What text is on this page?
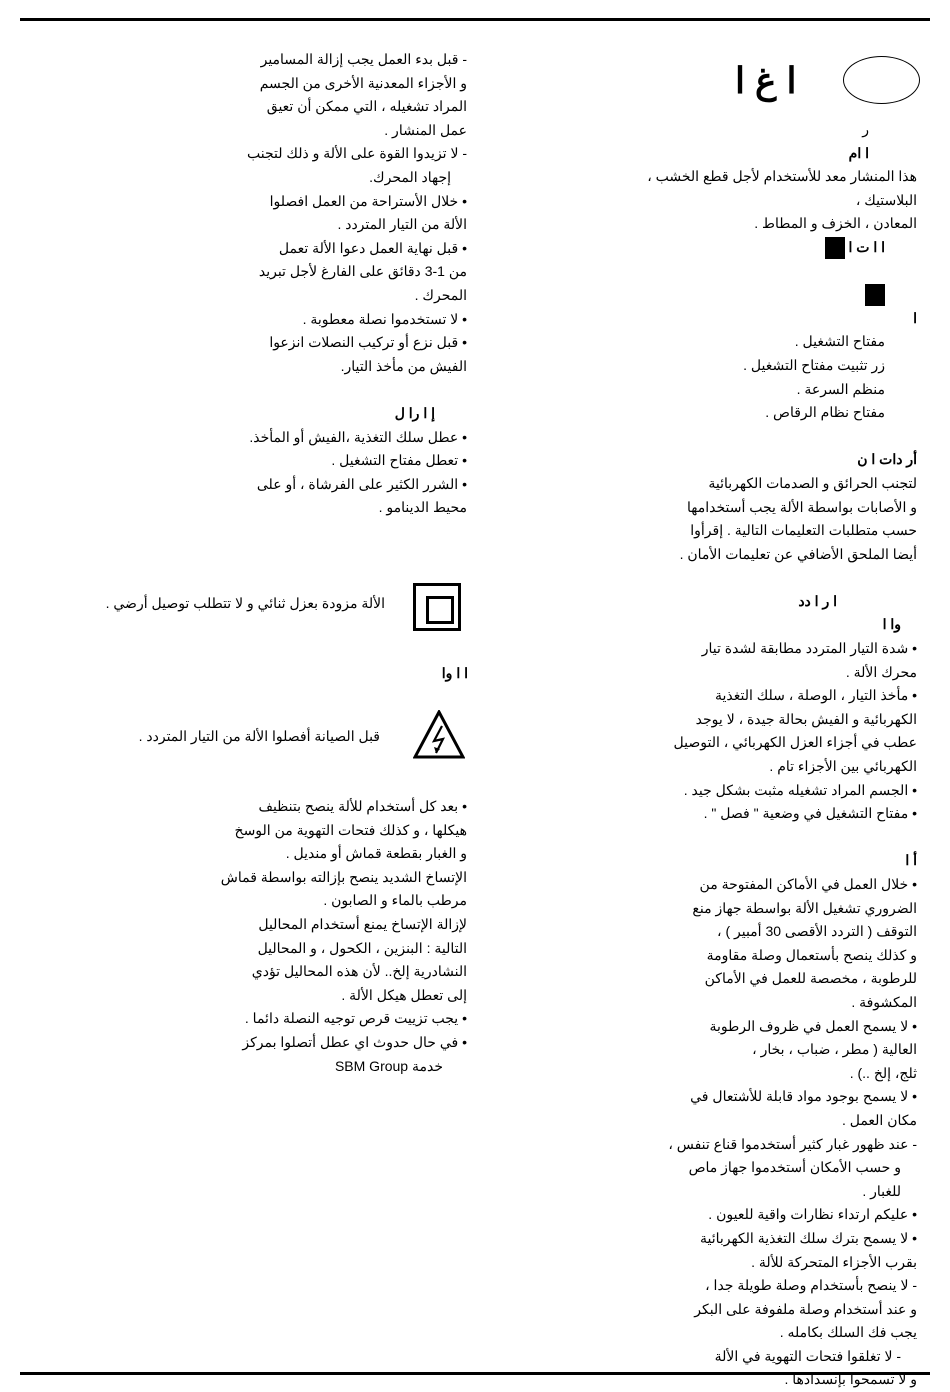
ا غ ا

ر

ا ام

هذا المنشار معد للأستخدام لأجل قطع الخشب ، البلاستيك ،

المعادن ، الخزف و المطاط .

ا ا ت ا

ا

مفتاح التشغيل .

زر تثبيت مفتاح التشغيل .

منظم السرعة .

مفتاح نظام الرقاص .

أر دات ا ن

لتجنب الحرائق و الصدمات الكهربائية

و الأصابات بواسطة الألة يجب أستخدامها

حسب متطلبات التعليمات التالية . إقرأوا

أيضا الملحق الأضافي عن تعليمات الأمان .

ا ر ا دد

وا ا

• شدة التيار المتردد مطابقة لشدة تيار

محرك الألة .

• مأخذ التيار ، الوصلة ، سلك التغذية

الكهربائية و الفيش بحالة جيدة ، لا يوجد

عطب في أجزاء العزل الكهربائي ، التوصيل

الكهربائي بين الأجزاء تام .

• الجسم المراد تشغيله مثبت بشكل جيد .

• مفتاح التشغيل في وضعية " فصل " .

أ ا

• خلال العمل في الأماكن المفتوحة من

الضروري تشغيل الألة بواسطة جهاز منع

التوقف ( التردد الأقصى 30 أمبير ) ،

و كذلك ينصح بأستعمال وصلة مقاومة

للرطوبة ، مخصصة للعمل في الأماكن

المكشوفة .

• لا يسمح العمل في ظروف الرطوبة

العالية ( مطر ، ضباب ، بخار ،

ثلج، إلخ ..) .

• لا يسمح بوجود مواد قابلة للأشتعال في

مكان العمل .

- عند ظهور غبار كثير أستخدموا قناع تنفس ،

و حسب الأمكان أستخدموا جهاز ماص

للغبار .

• عليكم ارتداء نظارات واقية للعيون .

• لا يسمح بترك سلك التغذية الكهربائية

بقرب الأجزاء المتحركة للألة .

- لا ينصح بأستخدام وصلة طويلة جدا ،

و عند أستخدام وصلة ملفوفة على البكر

يجب فك السلك بكامله .

- لا تغلقوا فتحات التهوية في الألة

و لا تسمحوا بإنسدادها .

- قبل بدء العمل يجب إزالة المسامير

و الأجزاء المعدنية الأخرى من الجسم

المراد تشغيله ، التي ممكن أن تعيق

عمل المنشار .

- لا تزيدوا القوة على الألة و ذلك لتجنب

إجهاد المحرك.

• خلال الأستراحة من العمل افصلوا

الألة من التيار المتردد .

• قبل نهاية العمل دعوا الألة تعمل

من 1-3 دقائق على الفارغ لأجل تبريد

المحرك .

• لا تستخدموا نصلة معطوبة .

• قبل نزع أو تركيب النصلات انزعوا

الفيش من مأخذ التيار.

إ ا را ل

• عطل سلك التغذية ،الفيش أو المأخذ.

• تعطل مفتاح التشغيل .

• الشرر الكثير على الفرشاة ، أو على

محيط الدينامو .

الألة مزودة بعزل ثنائي و لا تتطلب توصيل أرضي .
ا ا وا
قبل الصيانة أفصلوا الألة من التيار المتردد .

• بعد كل أستخدام للألة ينصح بتنظيف

هيكلها ، و كذلك فتحات التهوية من الوسخ

و الغبار بقطعة قماش أو منديل .

الإتساخ الشديد ينصح بإزالته بواسطة قماش

مرطب بالماء و الصابون .

لإزالة الإتساخ يمنع أستخدام المحاليل

التالية : البنزين ، الكحول ، و المحاليل

النشادرية إلخ.. لأن هذه المحاليل تؤدي

إلى تعطل هيكل الألة .

• يجب تزييت قرص توجيه النصلة دائما .

• في حال حدوث اي عطل أتصلوا بمركز

خدمة SBM Group
